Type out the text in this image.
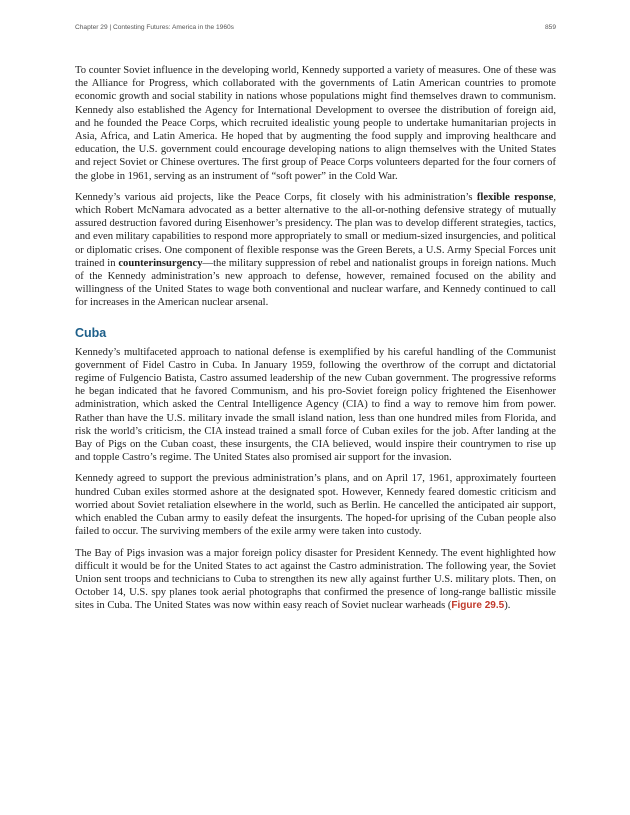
Chapter 29 | Contesting Futures: America in the 1960s	859

To counter Soviet influence in the developing world, Kennedy supported a variety of measures. One of these was the Alliance for Progress, which collaborated with the governments of Latin American countries to promote economic growth and social stability in nations whose populations might find themselves drawn to communism. Kennedy also established the Agency for International Development to oversee the distribution of foreign aid, and he founded the Peace Corps, which recruited idealistic young people to undertake humanitarian projects in Asia, Africa, and Latin America. He hoped that by augmenting the food supply and improving healthcare and education, the U.S. government could encourage developing nations to align themselves with the United States and reject Soviet or Chinese overtures. The first group of Peace Corps volunteers departed for the four corners of the globe in 1961, serving as an instrument of “soft power” in the Cold War.

Kennedy’s various aid projects, like the Peace Corps, fit closely with his administration’s flexible response, which Robert McNamara advocated as a better alternative to the all-or-nothing defensive strategy of mutually assured destruction favored during Eisenhower’s presidency. The plan was to develop different strategies, tactics, and even military capabilities to respond more appropriately to small or medium-sized insurgencies, and political or diplomatic crises. One component of flexible response was the Green Berets, a U.S. Army Special Forces unit trained in counterinsurgency—the military suppression of rebel and nationalist groups in foreign nations. Much of the Kennedy administration’s new approach to defense, however, remained focused on the ability and willingness of the United States to wage both conventional and nuclear warfare, and Kennedy continued to call for increases in the American nuclear arsenal.

Cuba

Kennedy’s multifaceted approach to national defense is exemplified by his careful handling of the Communist government of Fidel Castro in Cuba. In January 1959, following the overthrow of the corrupt and dictatorial regime of Fulgencio Batista, Castro assumed leadership of the new Cuban government. The progressive reforms he began indicated that he favored Communism, and his pro-Soviet foreign policy frightened the Eisenhower administration, which asked the Central Intelligence Agency (CIA) to find a way to remove him from power. Rather than have the U.S. military invade the small island nation, less than one hundred miles from Florida, and risk the world’s criticism, the CIA instead trained a small force of Cuban exiles for the job. After landing at the Bay of Pigs on the Cuban coast, these insurgents, the CIA believed, would inspire their countrymen to rise up and topple Castro’s regime. The United States also promised air support for the invasion.

Kennedy agreed to support the previous administration’s plans, and on April 17, 1961, approximately fourteen hundred Cuban exiles stormed ashore at the designated spot. However, Kennedy feared domestic criticism and worried about Soviet retaliation elsewhere in the world, such as Berlin. He cancelled the anticipated air support, which enabled the Cuban army to easily defeat the insurgents. The hoped-for uprising of the Cuban people also failed to occur. The surviving members of the exile army were taken into custody.

The Bay of Pigs invasion was a major foreign policy disaster for President Kennedy. The event highlighted how difficult it would be for the United States to act against the Castro administration. The following year, the Soviet Union sent troops and technicians to Cuba to strengthen its new ally against further U.S. military plots. Then, on October 14, U.S. spy planes took aerial photographs that confirmed the presence of long-range ballistic missile sites in Cuba. The United States was now within easy reach of Soviet nuclear warheads (Figure 29.5).
